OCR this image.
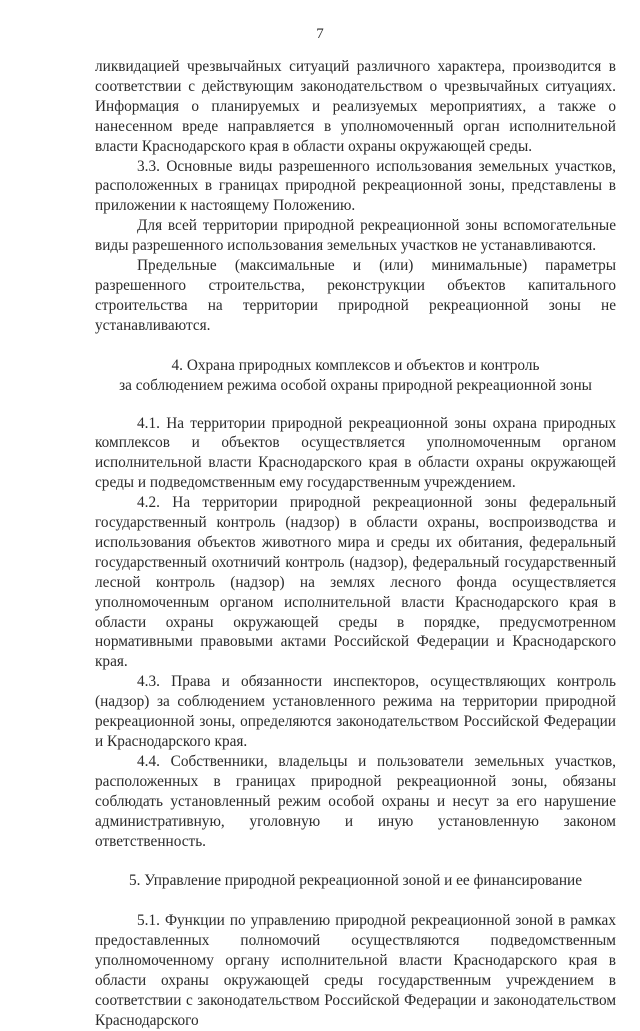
7

ликвидацией чрезвычайных ситуаций различного характера, производится в соответствии с действующим законодательством о чрезвычайных ситуациях. Информация о планируемых и реализуемых мероприятиях, а также о нанесенном вреде направляется в уполномоченный орган исполнительной власти Краснодарского края в области охраны окружающей среды.

3.3. Основные виды разрешенного использования земельных участков, расположенных в границах природной рекреационной зоны, представлены в приложении к настоящему Положению.

Для всей территории природной рекреационной зоны вспомогательные виды разрешенного использования земельных участков не устанавливаются.

Предельные (максимальные и (или) минимальные) параметры разрешенного строительства, реконструкции объектов капитального строительства на территории природной рекреационной зоны не устанавливаются.

4. Охрана природных комплексов и объектов и контроль
за соблюдением режима особой охраны природной рекреационной зоны

4.1. На территории природной рекреационной зоны охрана природных комплексов и объектов осуществляется уполномоченным органом исполнительной власти Краснодарского края в области охраны окружающей среды и подведомственным ему государственным учреждением.

4.2. На территории природной рекреационной зоны федеральный государственный контроль (надзор) в области охраны, воспроизводства и использования объектов животного мира и среды их обитания, федеральный государственный охотничий контроль (надзор), федеральный государственный лесной контроль (надзор) на землях лесного фонда осуществляется уполномоченным органом исполнительной власти Краснодарского края в области охраны окружающей среды в порядке, предусмотренном нормативными правовыми актами Российской Федерации и Краснодарского края.

4.3. Права и обязанности инспекторов, осуществляющих контроль (надзор) за соблюдением установленного режима на территории природной рекреационной зоны, определяются законодательством Российской Федерации и Краснодарского края.

4.4. Собственники, владельцы и пользователи земельных участков, расположенных в границах природной рекреационной зоны, обязаны соблюдать установленный режим особой охраны и несут за его нарушение административную, уголовную и иную установленную законом ответственность.

5. Управление природной рекреационной зоной и ее финансирование

5.1. Функции по управлению природной рекреационной зоной в рамках предоставленных полномочий осуществляются подведомственным уполномоченному органу исполнительной власти Краснодарского края в области охраны окружающей среды государственным учреждением в соответствии с законодательством Российской Федерации и законодательством Краснодарского
